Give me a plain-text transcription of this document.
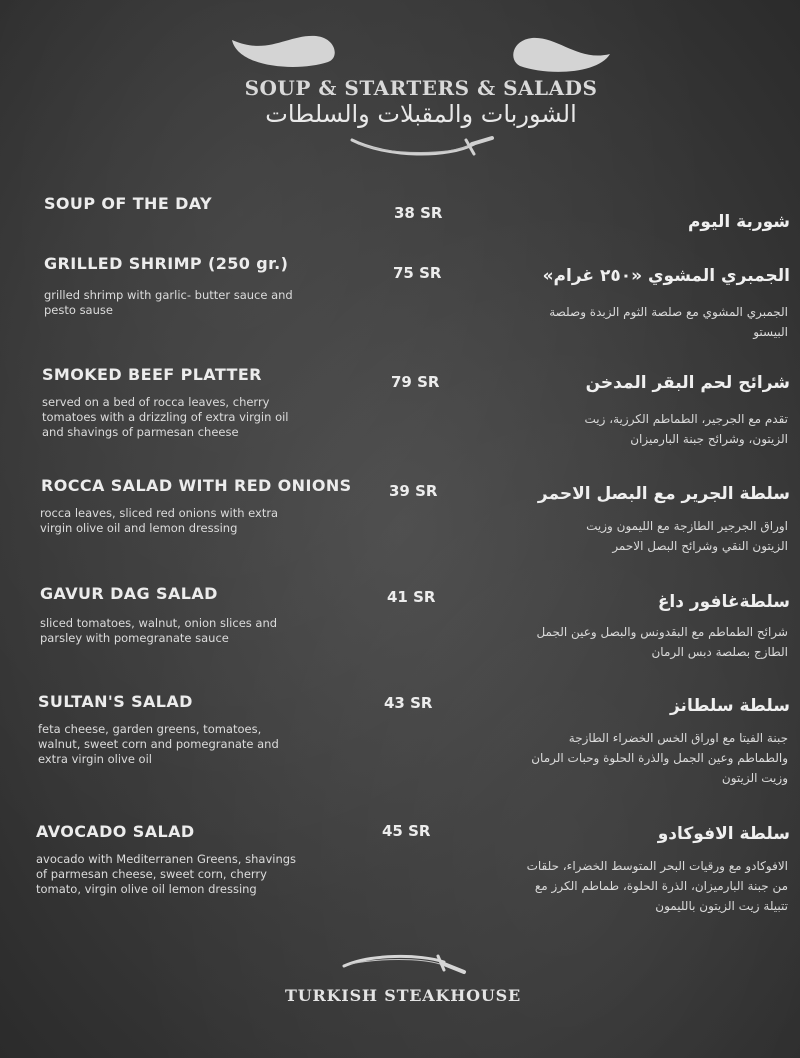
SOUP & STARTERS & SALADS
الشوربات والمقبلات والسلطات
SOUP OF THE DAY	38 SR	شوربة اليوم
GRILLED SHRIMP (250 gr.)
grilled shrimp with garlic- butter sauce and pesto sause
75 SR	الجمبري المشوي «٢٥٠ غرام»
الجمبري المشوي مع صلصة الثوم الزبدة وصلصة البيستو
SMOKED BEEF PLATTER
served on a bed of rocca leaves, cherry tomatoes with a drizzling of extra virgin oil and shavings of parmesan cheese
79 SR	شرائح لحم البقر المدخن
تقدم مع الجرجير، الطماطم الكرزية، زيت الزيتون، وشرائح جبنة البارميزان
ROCCA SALAD WITH RED ONIONS
rocca leaves, sliced red onions with extra virgin olive oil and lemon dressing
39 SR	سلطة الجرير مع البصل الاحمر
اوراق الجرجير الطازجة مع الليمون وزيت الزيتون النقي وشرائح البصل الاحمر
GAVUR DAG SALAD
sliced tomatoes, walnut, onion slices and parsley with pomegranate sauce
41 SR	سلطةغافور داغ
شرائح الطماطم مع البقدونس والبصل وعين الجمل الطازج بصلصة دبس الرمان
SULTAN'S SALAD
feta cheese, garden greens, tomatoes, walnut, sweet corn and pomegranate and extra virgin olive oil
43 SR	سلطة سلطانز
جبنة الفيتا مع اوراق الخس الخضراء الطازجة والطماطم وعين الجمل والذرة الحلوة وحبات الرمان وزيت الزيتون
AVOCADO SALAD
avocado with Mediterranen Greens, shavings of parmesan cheese, sweet corn, cherry tomato, virgin olive oil lemon dressing
45 SR	سلطة الافوكادو
الافوكادو مع ورقيات البحر المتوسط الخضراء، حلقات من جبنة البارميزان، الذرة الحلوة، طماطم الكرز مع تتبيلة زيت الزيتون بالليمون
TURKISH STEAKHOUSE
